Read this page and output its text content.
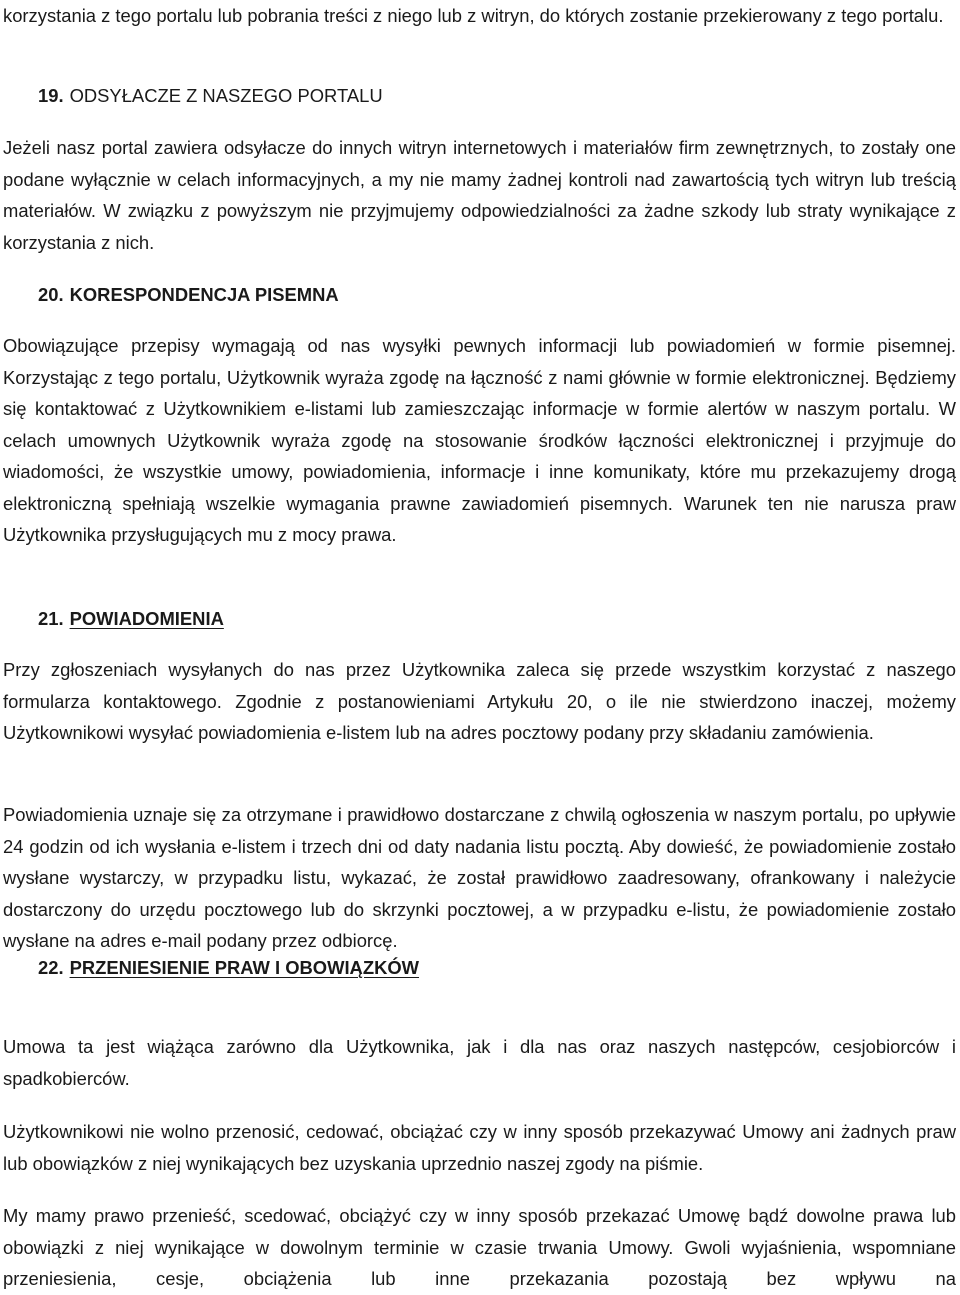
korzystania z tego portalu lub pobrania treści z niego lub z witryn, do których zostanie przekierowany z tego portalu.

19. ODSYŁACZE Z NASZEGO PORTALU

Jeżeli nasz portal zawiera odsyłacze do innych witryn internetowych i materiałów firm zewnętrznych, to zostały one podane wyłącznie w celach informacyjnych, a my nie mamy żadnej kontroli nad zawartością tych witryn lub treścią materiałów. W związku z powyższym nie przyjmujemy odpowiedzialności za żadne szkody lub straty wynikające z korzystania z nich.

20. KORESPONDENCJA PISEMNA

Obowiązujące przepisy wymagają od nas wysyłki pewnych informacji lub powiadomień w formie pisemnej. Korzystając z tego portalu, Użytkownik wyraża zgodę na łączność z nami głównie w formie elektronicznej. Będziemy się kontaktować z Użytkownikiem e-listami lub zamieszczając informacje w formie alertów w naszym portalu. W celach umownych Użytkownik wyraża zgodę na stosowanie środków łączności elektronicznej i przyjmuje do wiadomości, że wszystkie umowy, powiadomienia, informacje i inne komunikaty, które mu przekazujemy drogą elektroniczną spełniają wszelkie wymagania prawne zawiadomień pisemnych. Warunek ten nie narusza praw Użytkownika przysługujących mu z mocy prawa.

21. POWIADOMIENIA

Przy zgłoszeniach wysyłanych do nas przez Użytkownika zaleca się przede wszystkim korzystać z naszego formularza kontaktowego. Zgodnie z postanowieniami Artykułu 20, o ile nie stwierdzono inaczej, możemy Użytkownikowi wysyłać powiadomienia e-listem lub na adres pocztowy podany przy składaniu zamówienia.

Powiadomienia uznaje się za otrzymane i prawidłowo dostarczane z chwilą ogłoszenia w naszym portalu, po upływie 24 godzin od ich wysłania e-listem i trzech dni od daty nadania listu pocztą. Aby dowieść, że powiadomienie zostało wysłane wystarczy, w przypadku listu, wykazać, że został prawidłowo zaadresowany, ofrankowany i należycie dostarczony do urzędu pocztowego lub do skrzynki pocztowej, a w przypadku e-listu, że powiadomienie zostało wysłane na adres e-mail podany przez odbiorcę.

22. PRZENIESIENIE PRAW I OBOWIĄZKÓW

Umowa ta jest wiążąca zarówno dla Użytkownika, jak i dla nas oraz naszych następców, cesjobiorców i spadkobierców.

Użytkownikowi nie wolno przenosić, cedować, obciążać czy w inny sposób przekazywać Umowy ani żadnych praw lub obowiązków z niej wynikających bez uzyskania uprzednio naszej zgody na piśmie.

My mamy prawo przenieść, scedować, obciążyć czy w inny sposób przekazać Umowę bądź dowolne prawa lub obowiązki z niej wynikające w dowolnym terminie w czasie trwania Umowy. Gwoli wyjaśnienia, wspomniane przeniesienia, cesje, obciążenia lub inne przekazania pozostają bez wpływu na
